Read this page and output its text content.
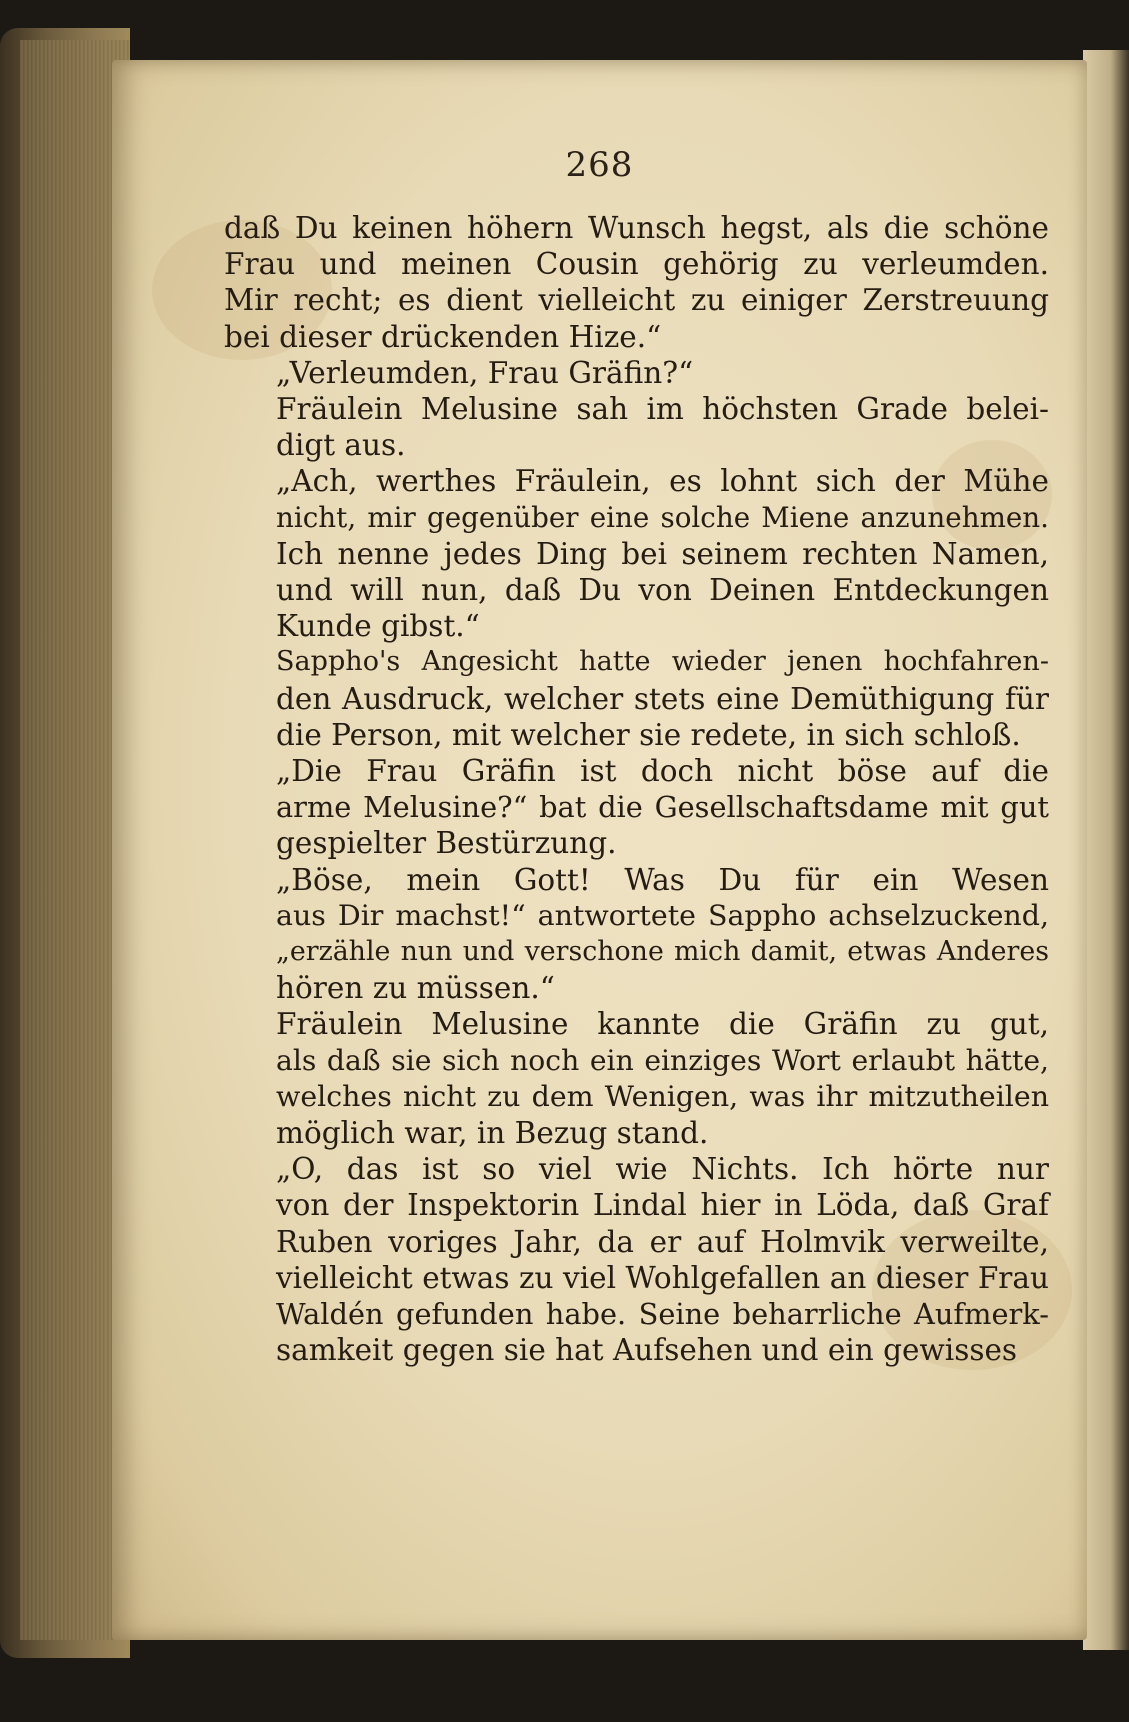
268
daß Du keinen höhern Wunsch hegst, als die schöne
Frau und meinen Cousin gehörig zu verleumden.
Mir recht; es dient vielleicht zu einiger Zerstreuung
bei dieser drückenden Hize.“
„Verleumden, Frau Gräfin?“
Fräulein Melusine sah im höchsten Grade belei-
digt aus.
„Ach, werthes Fräulein, es lohnt sich der Mühe
nicht, mir gegenüber eine solche Miene anzunehmen.
Ich nenne jedes Ding bei seinem rechten Namen,
und will nun, daß Du von Deinen Entdeckungen
Kunde gibst.“
Sappho's Angesicht hatte wieder jenen hochfahren-
den Ausdruck, welcher stets eine Demüthigung für
die Person, mit welcher sie redete, in sich schloß.
„Die Frau Gräfin ist doch nicht böse auf die
arme Melusine?“ bat die Gesellschaftsdame mit gut
gespielter Bestürzung.
„Böse, mein Gott! Was Du für ein Wesen
aus Dir machst!“ antwortete Sappho achselzuckend,
„erzähle nun und verschone mich damit, etwas Anderes
hören zu müssen.“
Fräulein Melusine kannte die Gräfin zu gut,
als daß sie sich noch ein einziges Wort erlaubt hätte,
welches nicht zu dem Wenigen, was ihr mitzutheilen
möglich war, in Bezug stand.
„O, das ist so viel wie Nichts. Ich hörte nur
von der Inspektorin Lindal hier in Löda, daß Graf
Ruben voriges Jahr, da er auf Holmvik verweilte,
vielleicht etwas zu viel Wohlgefallen an dieser Frau
Waldén gefunden habe. Seine beharrliche Aufmerk-
samkeit gegen sie hat Aufsehen und ein gewisses
